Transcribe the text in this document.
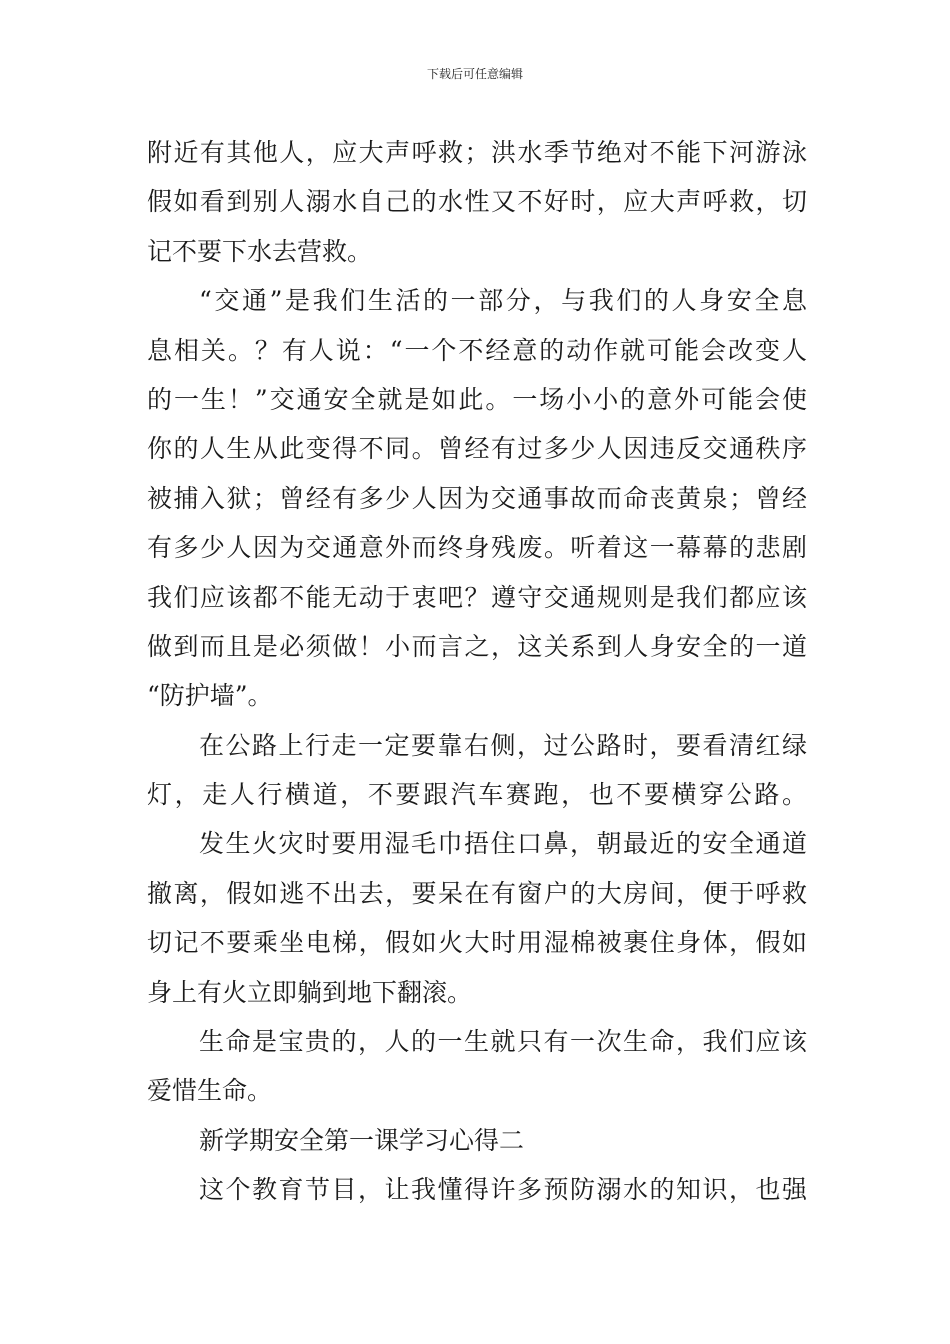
下载后可任意编辑
附近有其他人，应大声呼救；洪水季节绝对不能下河游泳
假如看到别人溺水自己的水性又不好时，应大声呼救，切
记不要下水去营救。
“交通”是我们生活的一部分，与我们的人身安全息
息相关。？有人说：“一个不经意的动作就可能会改变人
的一生！”交通安全就是如此。一场小小的意外可能会使
你的人生从此变得不同。曾经有过多少人因违反交通秩序
被捕入狱；曾经有多少人因为交通事故而命丧黄泉；曾经
有多少人因为交通意外而终身残废。听着这一幕幕的悲剧
我们应该都不能无动于衷吧？遵守交通规则是我们都应该
做到而且是必须做！小而言之，这关系到人身安全的一道
“防护墙”。
在公路上行走一定要靠右侧，过公路时，要看清红绿
灯，走人行横道，不要跟汽车赛跑，也不要横穿公路。
发生火灾时要用湿毛巾捂住口鼻，朝最近的安全通道
撤离，假如逃不出去，要呆在有窗户的大房间，便于呼救
切记不要乘坐电梯，假如火大时用湿棉被裹住身体，假如
身上有火立即躺到地下翻滚。
生命是宝贵的，人的一生就只有一次生命，我们应该
爱惜生命。
新学期安全第一课学习心得二
这个教育节目，让我懂得许多预防溺水的知识，也强
